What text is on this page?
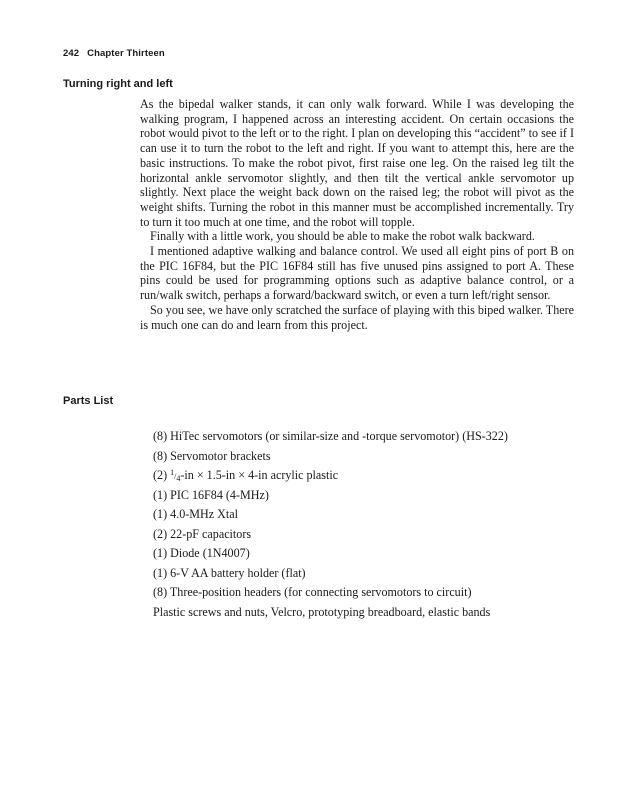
242 Chapter Thirteen
Turning right and left

As the bipedal walker stands, it can only walk forward. While I was developing the walking program, I happened across an interesting accident. On certain occasions the robot would pivot to the left or to the right. I plan on developing this “accident” to see if I can use it to turn the robot to the left and right. If you want to attempt this, here are the basic instructions. To make the robot pivot, first raise one leg. On the raised leg tilt the horizontal ankle servomotor slightly, and then tilt the vertical ankle servomotor up slightly. Next place the weight back down on the raised leg; the robot will pivot as the weight shifts. Turning the robot in this manner must be accomplished incrementally. Try to turn it too much at one time, and the robot will topple.

Finally with a little work, you should be able to make the robot walk backward.

I mentioned adaptive walking and balance control. We used all eight pins of port B on the PIC 16F84, but the PIC 16F84 still has five unused pins assigned to port A. These pins could be used for programming options such as adaptive balance control, or a run/walk switch, perhaps a forward/backward switch, or even a turn left/right sensor.

So you see, we have only scratched the surface of playing with this biped walker. There is much one can do and learn from this project.

Parts List
(8) HiTec servomotors (or similar-size and -torque servomotor) (HS-322)
(8) Servomotor brackets
(2) 1/4-in × 1.5-in × 4-in acrylic plastic
(1) PIC 16F84 (4-MHz)
(1) 4.0-MHz Xtal
(2) 22-pF capacitors
(1) Diode (1N4007)
(1) 6-V AA battery holder (flat)
(8) Three-position headers (for connecting servomotors to circuit)
Plastic screws and nuts, Velcro, prototyping breadboard, elastic bands
